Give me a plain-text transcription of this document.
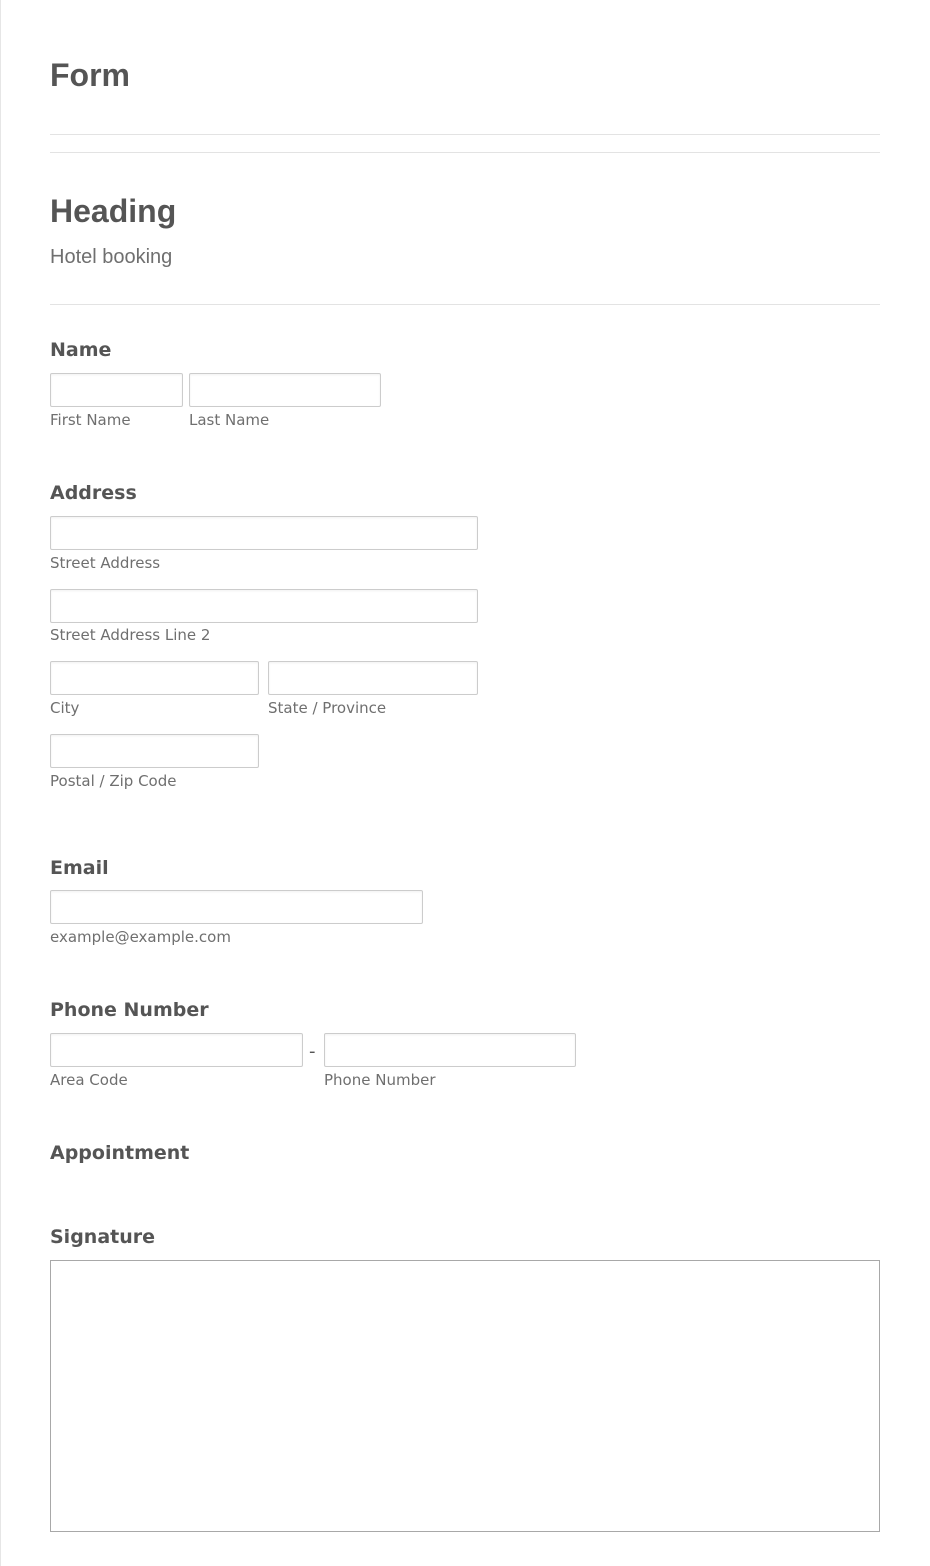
Form
Heading
Hotel booking
Name
First Name	Last Name
Address
Street Address
Street Address Line 2
City	State / Province
Postal / Zip Code
Email
example@example.com
Phone Number
-
Area Code	Phone Number
Appointment
Signature
